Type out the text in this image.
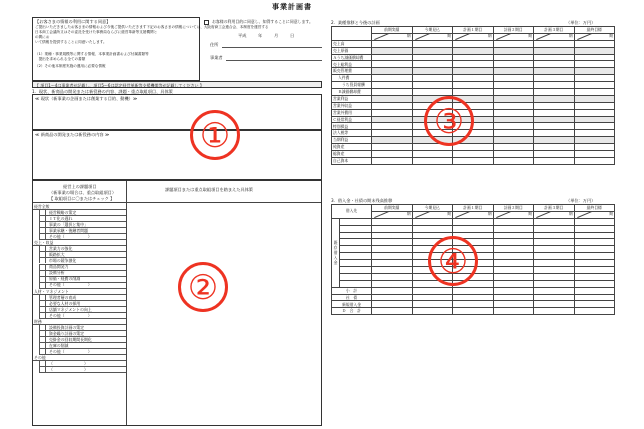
事業計画書
【お客さまの情報の利用に関する同意】
ご提出いただきましたお客さまの情報および今後ご提供いただきます下記のお客さまの情報については、大阪府商工会連合会、本制度を運営する
日本商工会議所又はその委託を受けた事務局ならびに経営革新等支援機関と
の間にお
いて情報を提供することに同意いたします。
（1）業種・事業規模等に関する情報、本事業計画書および付属書類等
　提出を求められる全ての書類
（2）その他本制度実施の運用に必要な情報
お客様の利用目的に同意し、知得することに同意します。
平成	年	月	日
住所
事業者
【 項目1～4は事業者が記載し、項目5～6は認定経営革新等支援機関等が記載してください 】
1．現状、新商品の開発または新役務の内容、課題・重点取組項目、具体策
≪ 現状（新事業の企画または創業する目的、動機）≫
≪ 新商品の開発または新役務の内容 ≫
経営上の課題項目
（新事業の場合は、重点取組項目）
【 取組項目に〇またはチェック 】
課題項目または重点取組項目を踏まえた具体策
経営全般
経営戦略の策定
ＩＴ化の遅れ
事業の「選択と集中」
事業承継・後継者問題
その他（　　　　　　）
売上・収益
営業力の強化
販路拡大
市場の競争激化
商品開発力
設備分析
原価・経費の削減
その他（　　　　　　）
人材・マネジメント
管理者層の育成
必要な人材の採用
店舗マネジメントの向上
その他（　　　　　　）
財務
設備投資計画の策定
資金繰り計画の策定
売掛金の回収期間長期化
在庫の削減
その他（　　　　　　）
その他
（　　　　　　　　）
（　　　　　　　　）
2．業種推移と今後の計画	（単位：万円）
	前期実績	今期見込	計画１期目	計画２期目	計画３期目	最終目標

	期	期	期	期	期	期

売上高						
売上原価						
Ａうち減価償却費						
売上総利益						
販売管理費						
人件費						
うち役員報酬						
Ｂ減価償却費						
営業利益						
営業外収益						
営業外費用						
Ｃ経常利益						
特別損益						
法人税等						
当期利益						
純資産						
総資産						
自己資本						
3．借入金・社債の期末残高推移	（単位：万円）
借入先		前期実績	今期見込	計画１期目	計画２期目	計画３期目	最終目標

		期	期	期	期	期	期

既存借入金							

小　計							
社　債							
新規借入金							
Ｄ　合　計							
①
②
③
④
